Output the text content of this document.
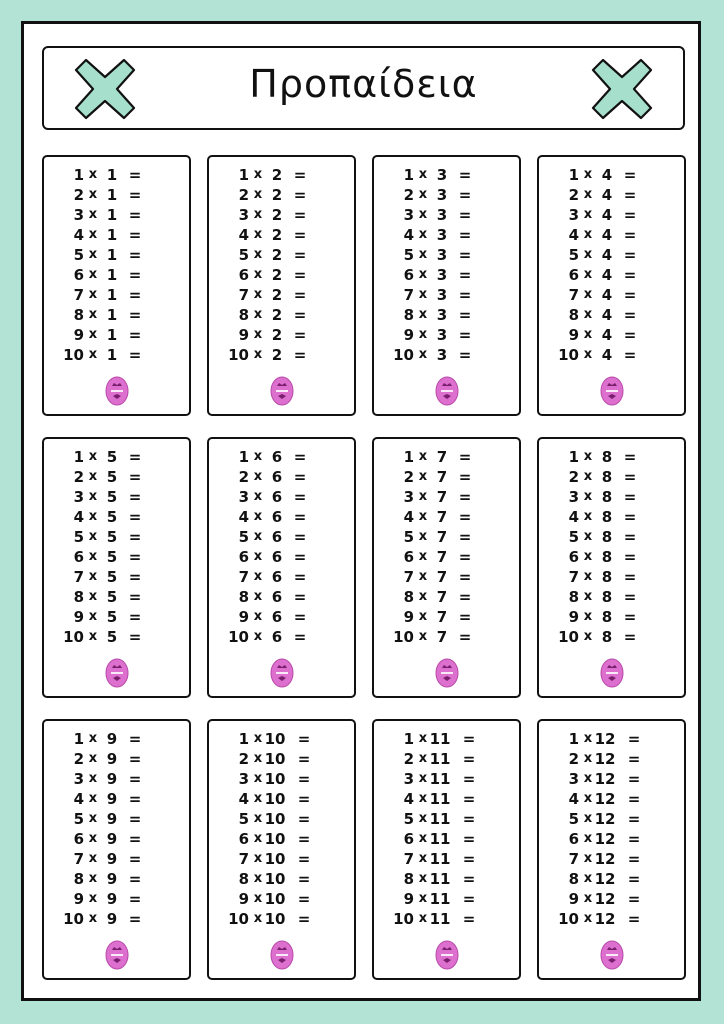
Προπαίδεια
1 x 1 =
2 x 1 =
3 x 1 =
4 x 1 =
5 x 1 =
6 x 1 =
7 x 1 =
8 x 1 =
9 x 1 =
10 x 1 =
1 x 2 =
2 x 2 =
3 x 2 =
4 x 2 =
5 x 2 =
6 x 2 =
7 x 2 =
8 x 2 =
9 x 2 =
10 x 2 =
1 x 3 =
2 x 3 =
3 x 3 =
4 x 3 =
5 x 3 =
6 x 3 =
7 x 3 =
8 x 3 =
9 x 3 =
10 x 3 =
1 x 4 =
2 x 4 =
3 x 4 =
4 x 4 =
5 x 4 =
6 x 4 =
7 x 4 =
8 x 4 =
9 x 4 =
10 x 4 =
1 x 5 =
2 x 5 =
3 x 5 =
4 x 5 =
5 x 5 =
6 x 5 =
7 x 5 =
8 x 5 =
9 x 5 =
10 x 5 =
1 x 6 =
2 x 6 =
3 x 6 =
4 x 6 =
5 x 6 =
6 x 6 =
7 x 6 =
8 x 6 =
9 x 6 =
10 x 6 =
1 x 7 =
2 x 7 =
3 x 7 =
4 x 7 =
5 x 7 =
6 x 7 =
7 x 7 =
8 x 7 =
9 x 7 =
10 x 7 =
1 x 8 =
2 x 8 =
3 x 8 =
4 x 8 =
5 x 8 =
6 x 8 =
7 x 8 =
8 x 8 =
9 x 8 =
10 x 8 =
1 x 9 =
2 x 9 =
3 x 9 =
4 x 9 =
5 x 9 =
6 x 9 =
7 x 9 =
8 x 9 =
9 x 9 =
10 x 9 =
1 x 10 =
2 x 10 =
3 x 10 =
4 x 10 =
5 x 10 =
6 x 10 =
7 x 10 =
8 x 10 =
9 x 10 =
10 x 10 =
1 x 11 =
2 x 11 =
3 x 11 =
4 x 11 =
5 x 11 =
6 x 11 =
7 x 11 =
8 x 11 =
9 x 11 =
10 x 11 =
1 x 12 =
2 x 12 =
3 x 12 =
4 x 12 =
5 x 12 =
6 x 12 =
7 x 12 =
8 x 12 =
9 x 12 =
10 x 12 =
